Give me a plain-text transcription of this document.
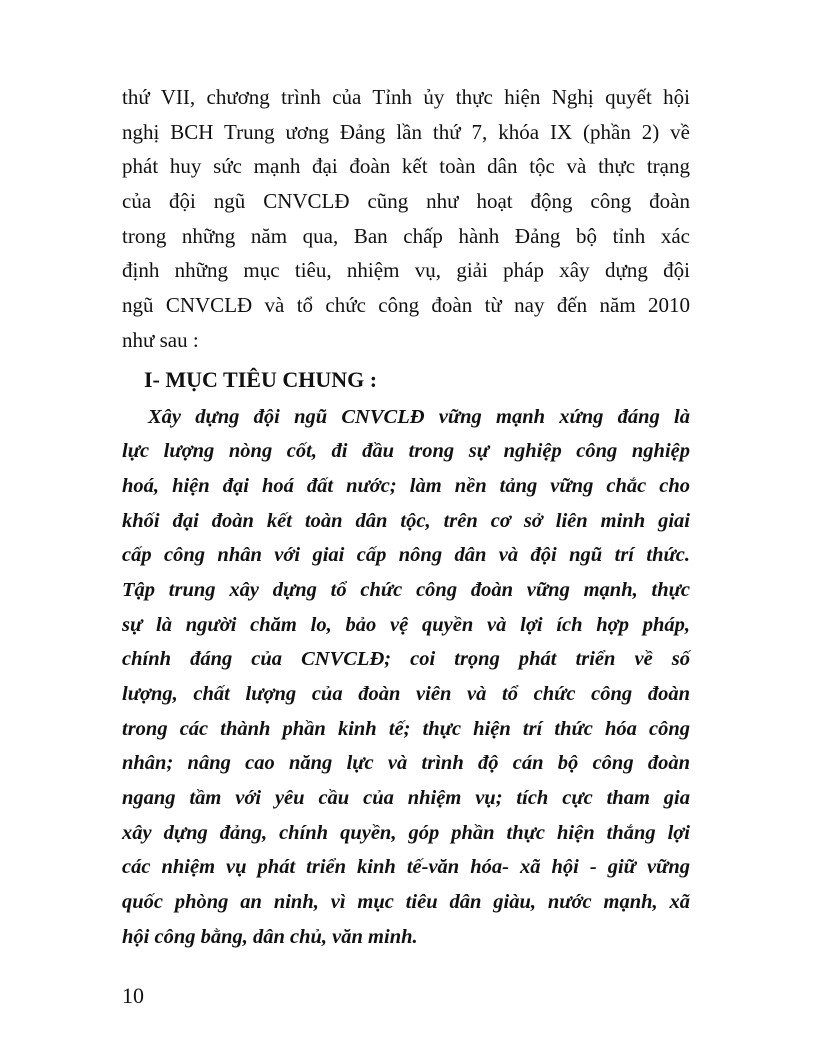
thứ VII, chương trình của Tỉnh ủy thực hiện Nghị quyết hội
nghị BCH Trung ương Đảng lần thứ 7, khóa IX (phần 2) về
phát huy sức mạnh đại đoàn kết toàn dân tộc và thực trạng
của đội ngũ CNVCLĐ cũng như hoạt động công đoàn
trong những năm qua, Ban chấp hành Đảng bộ tỉnh xác
định những mục tiêu, nhiệm vụ, giải pháp xây dựng đội
ngũ CNVCLĐ và tổ chức công đoàn từ nay đến năm 2010
như sau :
I- MỤC TIÊU CHUNG :
Xây dựng đội ngũ CNVCLĐ vững mạnh xứng đáng là
lực lượng nòng cốt, đi đầu trong sự nghiệp công nghiệp
hoá, hiện đại hoá đất nước; làm nền tảng vững chắc cho
khối đại đoàn kết toàn dân tộc, trên cơ sở liên minh giai
cấp công nhân với giai cấp nông dân và đội ngũ trí thức.
Tập trung xây dựng tổ chức công đoàn vững mạnh, thực
sự là người chăm lo, bảo vệ quyền và lợi ích hợp pháp,
chính đáng của CNVCLĐ; coi trọng phát triển về số
lượng, chất lượng của đoàn viên và tổ chức công đoàn
trong các thành phần kinh tế; thực hiện trí thức hóa công
nhân; nâng cao năng lực và trình độ cán bộ công đoàn
ngang tầm với yêu cầu của nhiệm vụ; tích cực tham gia
xây dựng đảng, chính quyền, góp phần thực hiện thắng lợi
các nhiệm vụ phát triển kinh tế-văn hóa- xã hội - giữ vững
quốc phòng an ninh, vì mục tiêu dân giàu, nước mạnh, xã
hội công bằng, dân chủ, văn minh.
10
